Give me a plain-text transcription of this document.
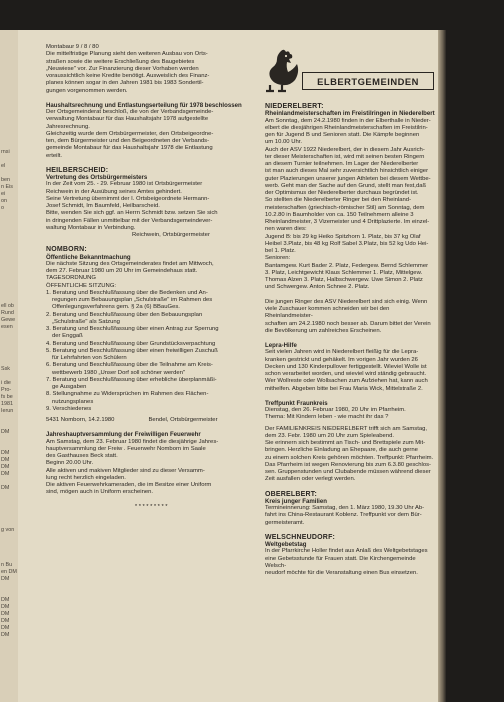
rnsi

el

ben
n Eis
ei
on
o

ell ob
Rund
Gewe
esen

Ssk

i die
Pro-
fs be
1981
Ierun

DM

DM
DM
DM
DM

DM

g von

n Bu
en DM
DM

DM
DM
DM
DM
DM
DM

Montabaur 9 / 8 / 80

Die mittelfristige Planung sieht den weiteren Ausbau von Orts-

straßen sowie die weitere Erschließung des Baugebietes

„Neuwiese" vor. Zur Finanzierung dieser Vorhaben werden

voraussichtlich keine Kredite benötigt. Ausweislich des Finanz-

planes können sogar in den Jahren 1981 bis 1983 Sondertil-

gungen vorgenommen werden.

Haushaltsrechnung und Entlastungserteilung für 1978 beschlossen

Der Ortsgemeinderat beschloß, die von der Verbandsgemeinde-

verwaltung Montabaur für das Haushaltsjahr 1978 aufgestellte

Jahresrechnung.

Gleichzeitig wurde dem Ortsbürgermeister, den Ortsbeigeordne-

ten, dem Bürgermeister und den Beigeordneten der Verbands-

gemeinde Montabaur für das Haushaltsjahr 1978 die Entlastung

erteilt.

HEILBERSCHEID:

Vertretung des Ortsbürgermeisters

In der Zeit vom 25. - 29. Februar 1980 ist Ortsbürgermeister

Reichwein in der Ausübung seines Amtes gehindert.

Seine Vertretung übernimmt der I. Ortsbeigeordnete Hermann-

Josef Schmidt, Im Baumfeld, Heilbarscheid.

Bitte, wenden Sie sich ggf. an Herrn Schmidt bzw. setzen Sie sich

in dringenden Fällen unmittelbar mit der Verbandsgemeindever-

waltung Montabaur in Verbindung.

Reichwein, Ortsbürgermeister

NOMBORN:

Öffentliche Bekanntmachung

Die nächste Sitzung des Ortsgemeinderates findet am Mittwoch,

dem 27. Februar 1980 um 20 Uhr im Gemeindehaus statt.

TAGESORDNUNG

ÖFFENTLICHE SITZUNG:

1. Beratung und Beschlußfassung über die Bedenken und An-

regungen zum Bebauungsplan „Schulstraße" im Rahmen des

Offenlegungsverfahrens gem. § 2a (6) BBauGes.

2. Beratung und Beschlußfassung über den Bebauungsplan

„Schulstraße" als Satzung

3. Beratung und Beschlußfassung über einen Antrag zur Sperrung

der Enggaß

4. Beratung und Beschlußfassung über Grundstücksverpachtung

5. Beratung und Beschlußfassung über einen freiwilligen Zuschuß

für Lehrfahrten von Schülern

6. Beratung und Beschlußfassung über die Teilnahme am Kreis-

wettbewerb 1980 „Unser Dorf soll schöner werden"

7. Beratung und Beschlußfassung über erhebliche überplanmäßi-

ge Ausgaben

8. Stellungnahme zu Widersprüchen im Rahmen des Flächen-

nutzungsplanes

9. Verschiedenes

5431 Nomborn, 14.2.1980	Bendel, Ortsbürgermeister

Jahreshauptversammlung der Freiwilligen Feuerwehr

Am Samstag, dem 23. Februar 1980 findet die diesjährige Jahres-

hauptversammlung der Freiw . Feuerwehr Nomborn im Saale

des Gasthauses Beck statt.

Beginn 20.00 Uhr.

Alle aktiven und makiven Mitglieder sind zu dieser Versamm-

lung recht herzlich eingeladen.

Die aktiven Feuerwehrkameraden, die im Besitze einer Uniform

sind, mögen auch in Uniform erscheinen.

*********

ELBERTGEMEINDEN

NIEDERELBERT:

Rheinlandmeisterschaften im Freistilringen in Niederelbert

Am Sonntag, dem 24.2.1980 finden in der Elberthalle in Nieder-

elbert die diesjährigen Rheinlandmeisterschaften im Freistilrin-

gen für Jugend B und Senioren statt. Die Kämpfe beginnen

um 10.00 Uhr.

Auch der ASV 1922 Niederelbert, der in diesem Jahr Ausrich-

ter dieser Meisterschaften ist, wird mit seinen besten Ringern

an diesem Turnier teilnehmen. Im Lager der Niederelberter

ist man auch dieses Mal sehr zuversichtlich hinsichtlich einiger

guter Plazierungen unserer jungen Athleten bei diesem Wettbe-

werb. Geht man der Sache auf den Grund, stellt man fest,daß

der Optimismus der Niederelberter durchaus begründet ist.

So stellten die Niederelberter Ringer bei den Rheinland-

meisterschaften (griechisch-römischer Stil) am Sonntag, dem

10.2.80 in Baumholder von ca. 150 Teilnehmern alleine 3

Rheinlandmeister, 3 Vizemeister und 4 Drittplazierte. Im einzel-

nen waren dies:

Jugend B: bis 29 kg Heiko Spitzhorn 1. Platz, bis 37 kg Olaf

Heibel 3.Platz, bis 48 kg Rolf Sabel 3.Platz, bis 52 kg Udo Hei-

bel 1. Platz.

Senioren:

Bantamgew. Kurt Bader 2. Platz, Federgew. Bernd Schlemmer

3. Platz, Leichtgewicht Klaus Schlemmer 1. Platz, Mittelgew.

Thomas Alzen 3. Platz, Halbschwergew. Uwe Simon 2. Platz

und Schwergew. Anton Schnee 2. Platz.

Die jungen Ringer des ASV Niederelbert sind sich einig. Wenn

viele Zuschauer kommen schneiden wir bei den Rheinlandmeister-

schaften am 24.2.1980 noch besser ab. Darum bittet der Verein

die Bevölkerung um zahlreiches Erscheinen.

Lepra-Hilfe

Seit vielen Jahren wird in Niederelbert fleißig für die Lepra-

kranken gestrickt und gehäkelt. Im vorigen Jahr wurden 26

Decken und 130 Kinderpullover fertiggestellt. Wieviel Wolle ist

schon verarbeitet worden, und wieviel wird ständig gebraucht.

Wer Wollreste oder Wollsachen zum Aufziehen hat, kann auch

mithelfen. Abgeben bitte bei Frau Maria Wick, Mittelstraße 2.

Treffpunkt Fraunkreis

Dienstag, den 26. Februar 1980, 20 Uhr im Pfarrheim.

Thema: Mit Kindern leben - wie macht ihr das ?

Der FAMILIENKREIS NIEDERELBERT trifft sich am Samstag,

dem 23. Febr. 1980 um 20 Uhr zum Spieleabend.

Sie erinnern sich bestimmt an Tisch- und Brettspiele zum Mit-

bringen. Herzliche Einladung an Ehepaare, die auch gerne

zu einem solchen Kreis gehören möchten. Treffpunkt: Pfarrheim.

Das Pfarrheim ist wegen Renovierung bis zum 6.3.80 geschlos-

sen. Gruppenstunden und Clubabende müssen während dieser

Zeit ausfallen oder verlegt werden.

OBERELBERT:

Kreis junger Familien

Termineinnerung: Samstag, den 1. März 1980, 19.30 Uhr Ab-

fahrt ins China-Restaurant Koblenz. Treffpunkt vor dem Bür-

germeisteramt.

WELSCHNEUDORF:

Weltgebetstag

In der Pfarrkirche Holler findet aus Anlaß des Weltgebetstages

eine Gebetsstunde für Frauen statt. Die Kirchengemeinde Welsch-

neudorf möchte für die Veranstaltung einen Bus einsetzen.
